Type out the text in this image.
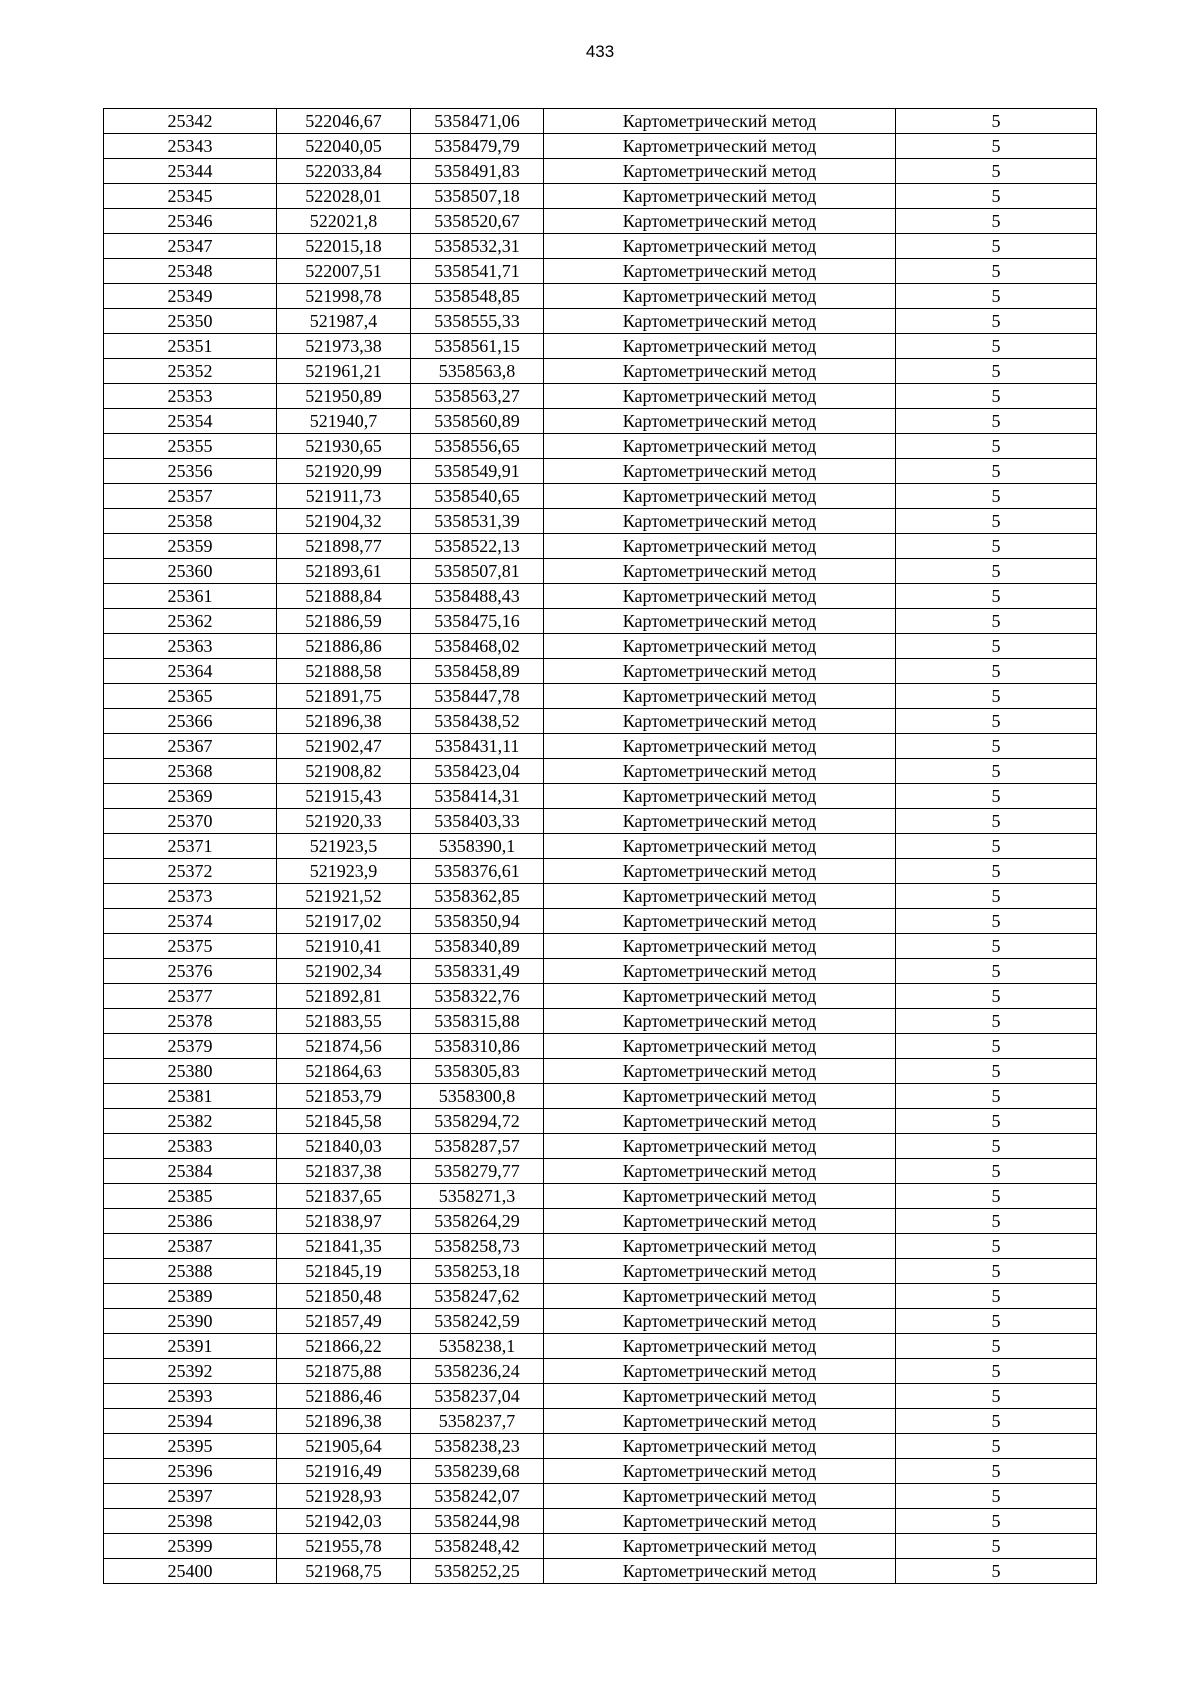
433
25342	522046,67	5358471,06	Картометрический метод	5
25343	522040,05	5358479,79	Картометрический метод	5
25344	522033,84	5358491,83	Картометрический метод	5
25345	522028,01	5358507,18	Картометрический метод	5
25346	522021,8	5358520,67	Картометрический метод	5
25347	522015,18	5358532,31	Картометрический метод	5
25348	522007,51	5358541,71	Картометрический метод	5
25349	521998,78	5358548,85	Картометрический метод	5
25350	521987,4	5358555,33	Картометрический метод	5
25351	521973,38	5358561,15	Картометрический метод	5
25352	521961,21	5358563,8	Картометрический метод	5
25353	521950,89	5358563,27	Картометрический метод	5
25354	521940,7	5358560,89	Картометрический метод	5
25355	521930,65	5358556,65	Картометрический метод	5
25356	521920,99	5358549,91	Картометрический метод	5
25357	521911,73	5358540,65	Картометрический метод	5
25358	521904,32	5358531,39	Картометрический метод	5
25359	521898,77	5358522,13	Картометрический метод	5
25360	521893,61	5358507,81	Картометрический метод	5
25361	521888,84	5358488,43	Картометрический метод	5
25362	521886,59	5358475,16	Картометрический метод	5
25363	521886,86	5358468,02	Картометрический метод	5
25364	521888,58	5358458,89	Картометрический метод	5
25365	521891,75	5358447,78	Картометрический метод	5
25366	521896,38	5358438,52	Картометрический метод	5
25367	521902,47	5358431,11	Картометрический метод	5
25368	521908,82	5358423,04	Картометрический метод	5
25369	521915,43	5358414,31	Картометрический метод	5
25370	521920,33	5358403,33	Картометрический метод	5
25371	521923,5	5358390,1	Картометрический метод	5
25372	521923,9	5358376,61	Картометрический метод	5
25373	521921,52	5358362,85	Картометрический метод	5
25374	521917,02	5358350,94	Картометрический метод	5
25375	521910,41	5358340,89	Картометрический метод	5
25376	521902,34	5358331,49	Картометрический метод	5
25377	521892,81	5358322,76	Картометрический метод	5
25378	521883,55	5358315,88	Картометрический метод	5
25379	521874,56	5358310,86	Картометрический метод	5
25380	521864,63	5358305,83	Картометрический метод	5
25381	521853,79	5358300,8	Картометрический метод	5
25382	521845,58	5358294,72	Картометрический метод	5
25383	521840,03	5358287,57	Картометрический метод	5
25384	521837,38	5358279,77	Картометрический метод	5
25385	521837,65	5358271,3	Картометрический метод	5
25386	521838,97	5358264,29	Картометрический метод	5
25387	521841,35	5358258,73	Картометрический метод	5
25388	521845,19	5358253,18	Картометрический метод	5
25389	521850,48	5358247,62	Картометрический метод	5
25390	521857,49	5358242,59	Картометрический метод	5
25391	521866,22	5358238,1	Картометрический метод	5
25392	521875,88	5358236,24	Картометрический метод	5
25393	521886,46	5358237,04	Картометрический метод	5
25394	521896,38	5358237,7	Картометрический метод	5
25395	521905,64	5358238,23	Картометрический метод	5
25396	521916,49	5358239,68	Картометрический метод	5
25397	521928,93	5358242,07	Картометрический метод	5
25398	521942,03	5358244,98	Картометрический метод	5
25399	521955,78	5358248,42	Картометрический метод	5
25400	521968,75	5358252,25	Картометрический метод	5
